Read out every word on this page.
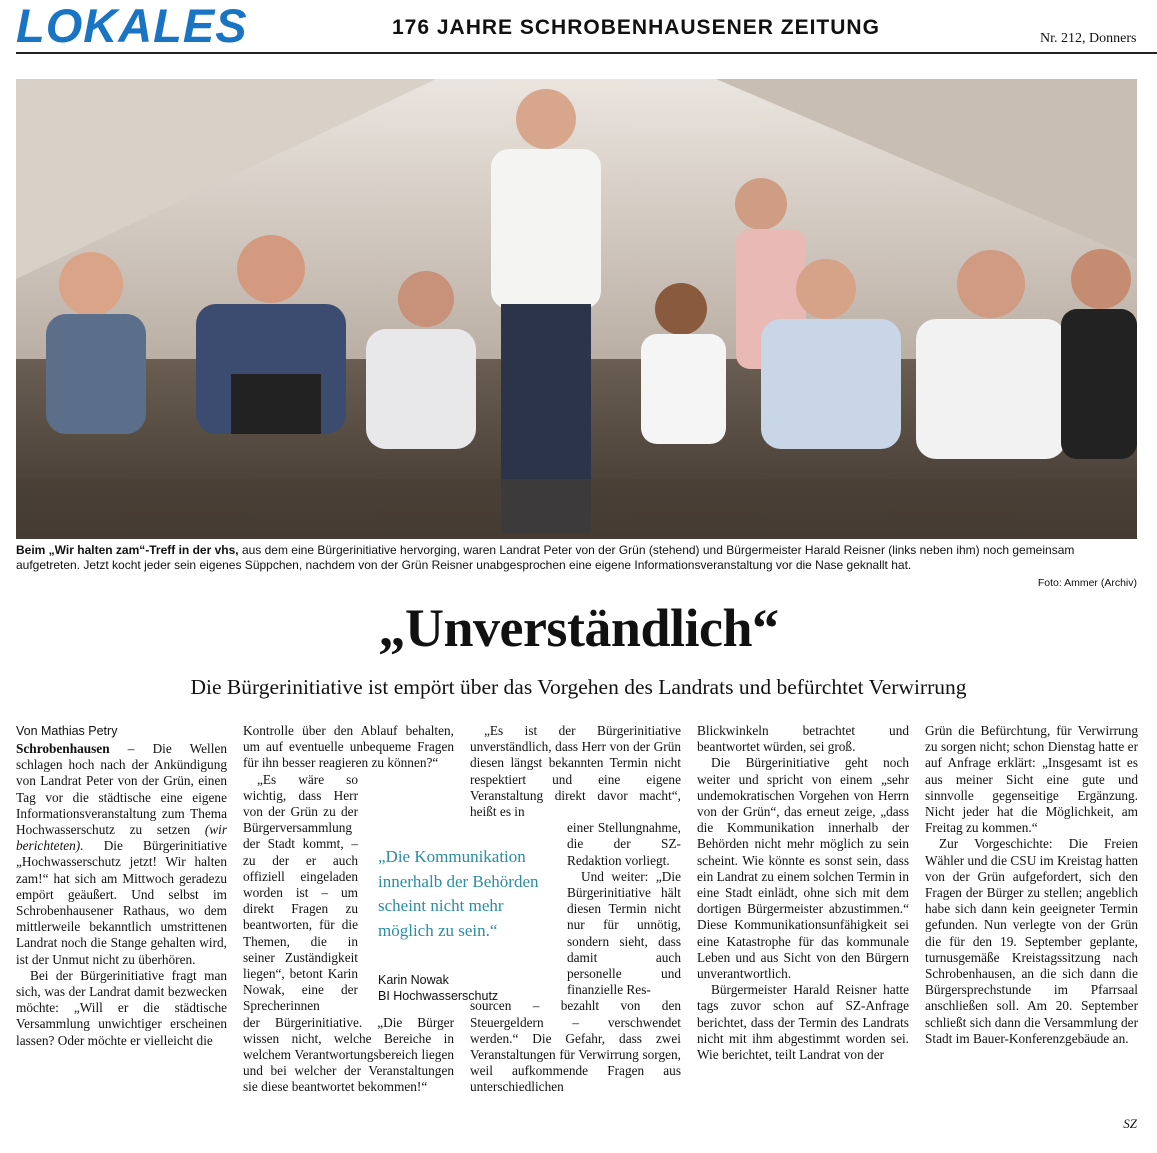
LOKALES	176 JAHRE SCHROBENHAUSENER ZEITUNG	Nr. 212, Donners
Beim „Wir halten zam“-Treff in der vhs, aus dem eine Bürgerinitiative hervorging, waren Landrat Peter von der Grün (stehend) und Bürgermeister Harald Reisner (links neben ihm) noch gemeinsam aufgetreten. Jetzt kocht jeder sein eigenes Süppchen, nachdem von der Grün Reisner unabgesprochen eine eigene Informationsveranstaltung vor die Nase geknallt hat.
Foto: Ammer (Archiv)
„Unverständlich“
Die Bürgerinitiative ist empört über das Vorgehen des Landrats und befürchtet Verwirrung
Von Mathias Petry

Schrobenhausen – Die Wellen schlagen hoch nach der Ankündigung von Landrat Peter von der Grün, einen Tag vor die städtische eine eigene Informationsveranstaltung zum Thema Hochwasserschutz zu setzen (wir berichteten). Die Bürgerinitiative „Hochwasserschutz jetzt! Wir halten zam!“ hat sich am Mittwoch geradezu empört geäußert. Und selbst im Schrobenhausener Rathaus, wo dem mittlerweile bekanntlich umstrittenen Landrat noch die Stange gehalten wird, ist der Unmut nicht zu überhören.

Bei der Bürgerinitiative fragt man sich, was der Landrat damit bezwecken möchte: „Will er die städtische Versammlung unwichtiger erscheinen lassen? Oder möchte er vielleicht die

Kontrolle über den Ablauf behalten, um auf eventuelle unbequeme Fragen für ihn besser reagieren zu können?“

„Es wäre so wichtig, dass Herr von der Grün zu der Bürgerversammlung der Stadt kommt, – zu der er auch offiziell eingeladen worden ist – um direkt Fragen zu beantworten, für die Themen, die in seiner Zuständigkeit liegen“, betont Karin Nowak, eine der Sprecherinnen
der Bürgerinitiative. „Die Bürger wissen nicht, welche Bereiche in welchem Verantwortungsbereich liegen und bei welcher der Veranstaltungen sie diese beantwortet bekommen!“

„Es ist der Bürgerinitiative unverständlich, dass Herr von der Grün diesen längst bekannten Termin nicht respektiert und eine eigene Veranstaltung direkt davor macht“, heißt es in

einer Stellungnahme, die der SZ-Redaktion vorliegt.
Und weiter: „Die Bürgerinitiative hält diesen Termin nicht nur für unnötig, sondern sieht, dass damit auch personelle und finanzielle Res-
sourcen – bezahlt von den Steuergeldern – verschwendet werden.“ Die Gefahr, dass zwei Veranstaltungen für Verwirrung sorgen, weil aufkommende Fragen aus unterschiedlichen
„Die Kommunikation innerhalb der Behörden scheint nicht mehr möglich zu sein.“
Karin Nowak
BI Hochwasserschutz

Blickwinkeln betrachtet und beantwortet würden, sei groß.

Die Bürgerinitiative geht noch weiter und spricht von einem „sehr undemokratischen Vorgehen von Herrn von der Grün“, das erneut zeige, „dass die Kommunikation innerhalb der Behörden nicht mehr möglich zu sein scheint. Wie könnte es sonst sein, dass ein Landrat zu einem solchen Termin in eine Stadt einlädt, ohne sich mit dem dortigen Bürgermeister abzustimmen.“ Diese Kommunikationsunfähigkeit sei eine Katastrophe für das kommunale Leben und aus Sicht von den Bürgern unverantwortlich.

Bürgermeister Harald Reisner hatte tags zuvor schon auf SZ-Anfrage berichtet, dass der Termin des Landrats nicht mit ihm abgestimmt worden sei. Wie berichtet, teilt Landrat von der

Grün die Befürchtung, für Verwirrung zu sorgen nicht; schon Dienstag hatte er auf Anfrage erklärt: „Insgesamt ist es aus meiner Sicht eine gute und sinnvolle gegenseitige Ergänzung. Nicht jeder hat die Möglichkeit, am Freitag zu kommen.“

Zur Vorgeschichte: Die Freien Wähler und die CSU im Kreistag hatten von der Grün aufgefordert, sich den Fragen der Bürger zu stellen; angeblich habe sich dann kein geeigneter Termin gefunden. Nun verlegte von der Grün die für den 19. September geplante, turnusgemäße Kreistagssitzung nach Schrobenhausen, an die sich dann die Bürgersprechstunde im Pfarrsaal anschließen soll. Am 20. September schließt sich dann die Versammlung der Stadt im Bauer-Konferenzgebäude an.

SZ
